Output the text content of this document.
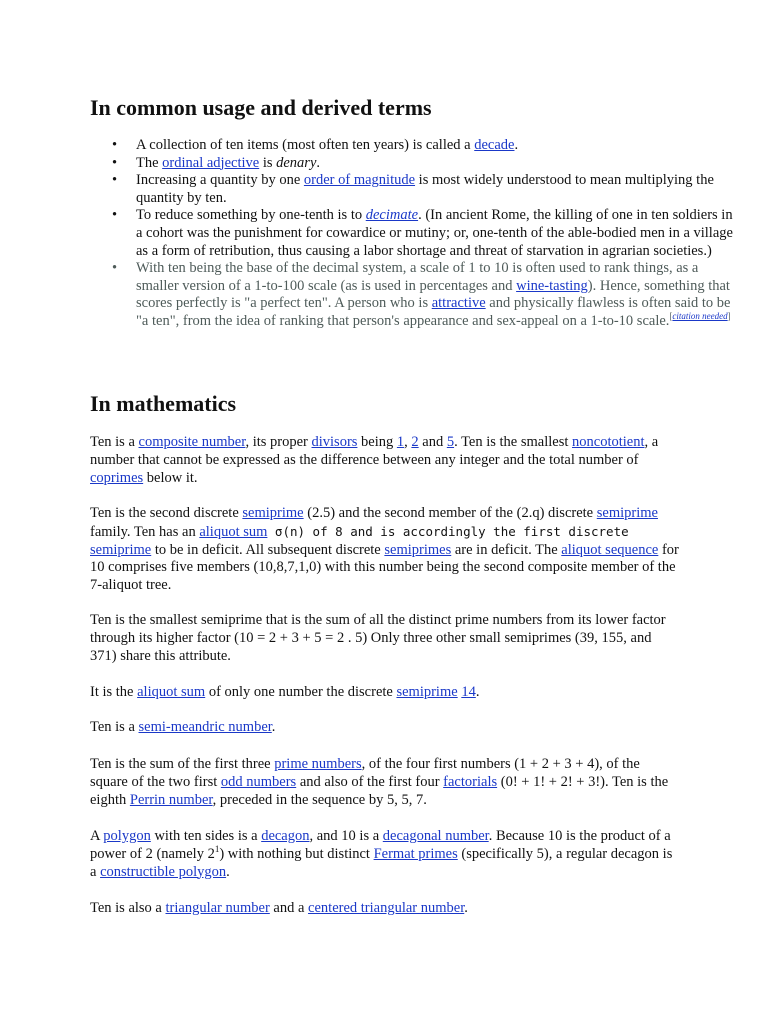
In common usage and derived terms
• A collection of ten items (most often ten years) is called a decade.
• The ordinal adjective is denary.
• Increasing a quantity by one order of magnitude is most widely understood to mean multiplying the quantity by ten.
• To reduce something by one-tenth is to decimate. (In ancient Rome, the killing of one in ten soldiers in a cohort was the punishment for cowardice or mutiny; or, one-tenth of the able-bodied men in a village as a form of retribution, thus causing a labor shortage and threat of starvation in agrarian societies.)
• With ten being the base of the decimal system, a scale of 1 to 10 is often used to rank things, as a smaller version of a 1-to-100 scale (as is used in percentages and wine-tasting). Hence, something that scores perfectly is "a perfect ten". A person who is attractive and physically flawless is often said to be "a ten", from the idea of ranking that person's appearance and sex-appeal on a 1-to-10 scale.[citation needed]
In mathematics

Ten is a composite number, its proper divisors being 1, 2 and 5. Ten is the smallest noncototient, a number that cannot be expressed as the difference between any integer and the total number of coprimes below it.

Ten is the second discrete semiprime (2.5) and the second member of the (2.q) discrete semiprime family. Ten has an aliquot sum σ(n) of 8 and is accordingly the first discrete semiprime to be in deficit. All subsequent discrete semiprimes are in deficit. The aliquot sequence for 10 comprises five members (10,8,7,1,0) with this number being the second composite member of the 7-aliquot tree.

Ten is the smallest semiprime that is the sum of all the distinct prime numbers from its lower factor through its higher factor (10 = 2 + 3 + 5 = 2 . 5) Only three other small semiprimes (39, 155, and 371) share this attribute.

It is the aliquot sum of only one number the discrete semiprime 14.

Ten is a semi-meandric number.

Ten is the sum of the first three prime numbers, of the four first numbers (1 + 2 + 3 + 4), of the square of the two first odd numbers and also of the first four factorials (0! + 1! + 2! + 3!). Ten is the eighth Perrin number, preceded in the sequence by 5, 5, 7.

A polygon with ten sides is a decagon, and 10 is a decagonal number. Because 10 is the product of a power of 2 (namely $2^1$) with nothing but distinct Fermat primes (specifically 5), a regular decagon is a constructible polygon.

Ten is also a triangular number and a centered triangular number.
